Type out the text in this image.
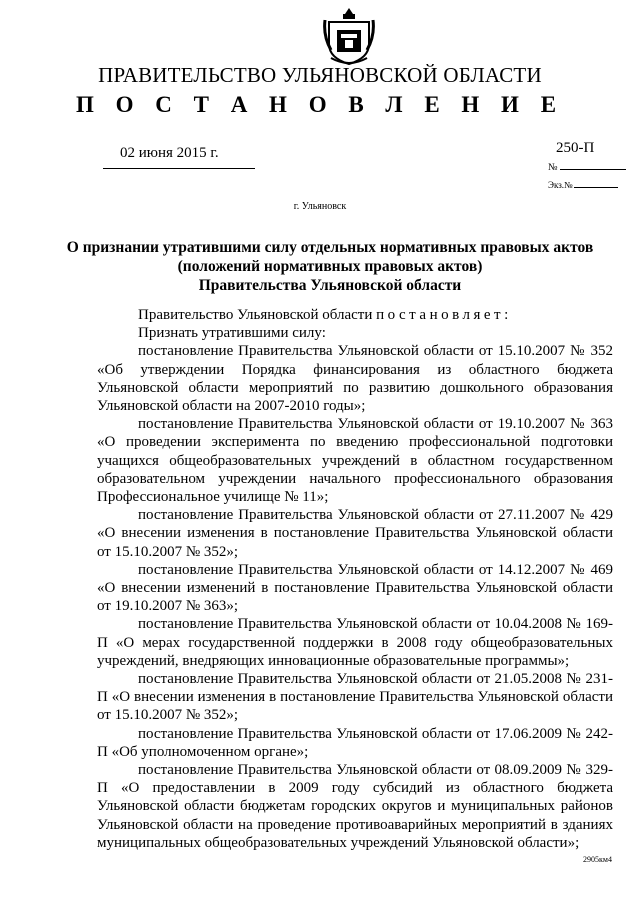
ПРАВИТЕЛЬСТВО УЛЬЯНОВСКОЙ ОБЛАСТИ
П О С Т А Н О В Л Е Н И Е
02 июня 2015 г.	250-П
№
Экз.№
г. Ульяновск
О признании утратившими силу отдельных нормативных правовых актов
(положений нормативных правовых актов)
Правительства Ульяновской области
Правительство Ульяновской области постановляет:
Признать утратившими силу:
постановление Правительства Ульяновской области от 15.10.2007 № 352 «Об утверждении Порядка финансирования из областного бюджета Ульяновской области мероприятий по развитию дошкольного образования Ульяновской области на 2007-2010 годы»;
постановление Правительства Ульяновской области от 19.10.2007 № 363 «О проведении эксперимента по введению профессиональной подготовки учащихся общеобразовательных учреждений в областном государственном образовательном учреждении начального профессионального образования Профессиональное училище № 11»;
постановление Правительства Ульяновской области от 27.11.2007 № 429 «О внесении изменения в постановление Правительства Ульяновской области от 15.10.2007 № 352»;
постановление Правительства Ульяновской области от 14.12.2007 № 469 «О внесении изменений в постановление Правительства Ульяновской области от 19.10.2007 № 363»;
постановление Правительства Ульяновской области от 10.04.2008 № 169-П «О мерах государственной поддержки в 2008 году общеобразовательных учреждений, внедряющих инновационные образовательные программы»;
постановление Правительства Ульяновской области от 21.05.2008 № 231-П «О внесении изменения в постановление Правительства Ульяновской области от 15.10.2007 № 352»;
постановление Правительства Ульяновской области от 17.06.2009 № 242-П «Об уполномоченном органе»;
постановление Правительства Ульяновской области от 08.09.2009 № 329-П «О предоставлении в 2009 году субсидий из областного бюджета Ульяновской области бюджетам городских округов и муниципальных районов Ульяновской области на проведение противоаварийных мероприятий в зданиях муниципальных общеобразовательных учреждений Ульяновской области»;
2905км4
